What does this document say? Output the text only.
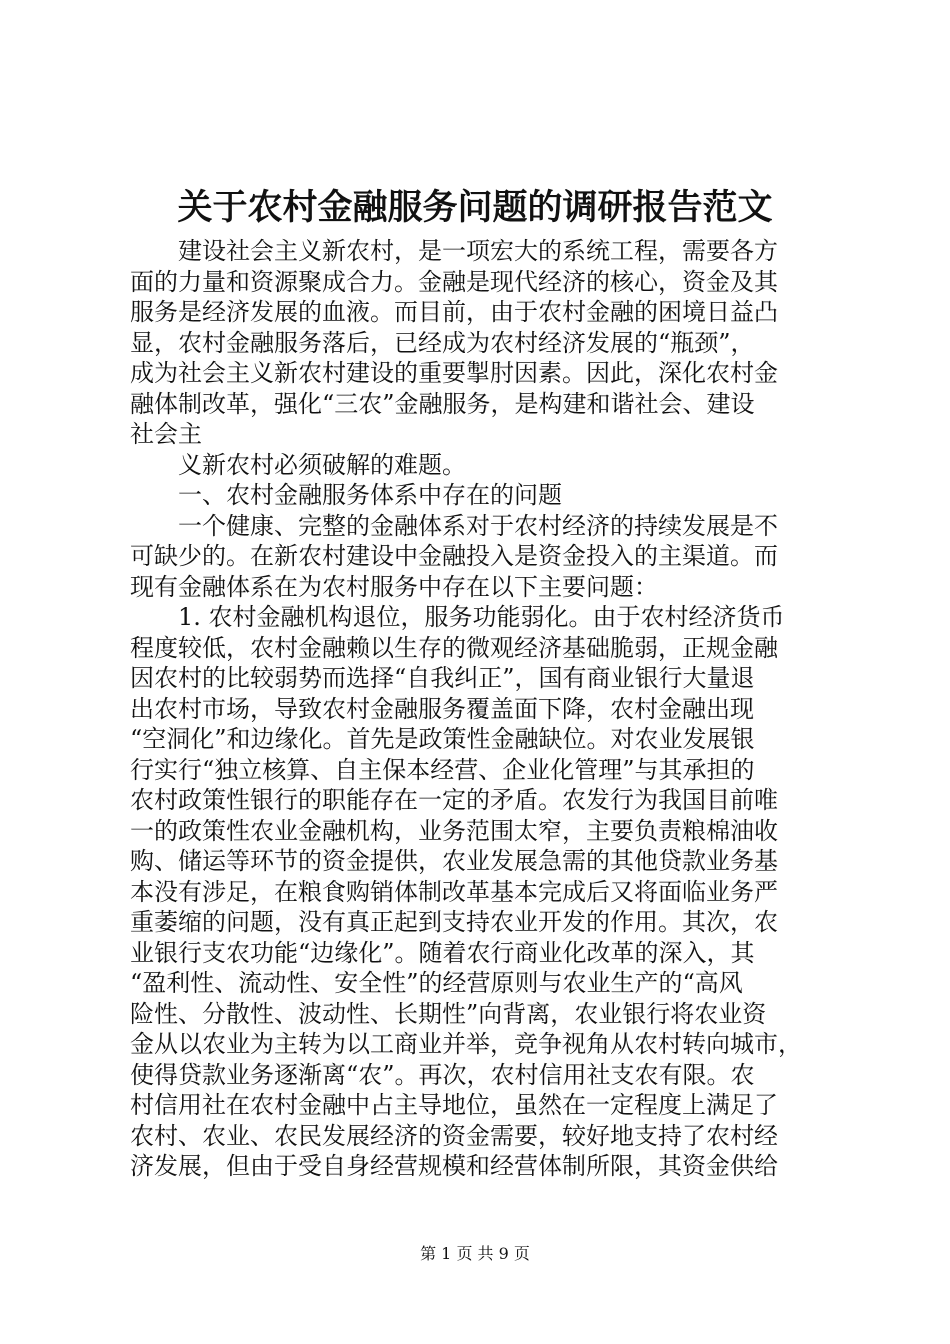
关于农村金融服务问题的调研报告范文
建设社会主义新农村，是一项宏大的系统工程，需要各方
面的力量和资源聚成合力。金融是现代经济的核心，资金及其
服务是经济发展的血液。而目前，由于农村金融的困境日益凸
显，农村金融服务落后，已经成为农村经济发展的“瓶颈”，
成为社会主义新农村建设的重要掣肘因素。因此，深化农村金
融体制改革，强化“三农”金融服务，是构建和谐社会、建设
社会主
义新农村必须破解的难题。
一、农村金融服务体系中存在的问题
一个健康、完整的金融体系对于农村经济的持续发展是不
可缺少的。在新农村建设中金融投入是资金投入的主渠道。而
现有金融体系在为农村服务中存在以下主要问题：
1. 农村金融机构退位，服务功能弱化。由于农村经济货币
程度较低，农村金融赖以生存的微观经济基础脆弱，正规金融
因农村的比较弱势而选择“自我纠正”，国有商业银行大量退
出农村市场，导致农村金融服务覆盖面下降，农村金融出现
“空洞化”和边缘化。首先是政策性金融缺位。对农业发展银
行实行“独立核算、自主保本经营、企业化管理”与其承担的
农村政策性银行的职能存在一定的矛盾。农发行为我国目前唯
一的政策性农业金融机构，业务范围太窄，主要负责粮棉油收
购、储运等环节的资金提供，农业发展急需的其他贷款业务基
本没有涉足，在粮食购销体制改革基本完成后又将面临业务严
重萎缩的问题，没有真正起到支持农业开发的作用。其次，农
业银行支农功能“边缘化”。随着农行商业化改革的深入，其
“盈利性、流动性、安全性”的经营原则与农业生产的“高风
险性、分散性、波动性、长期性”向背离，农业银行将农业资
金从以农业为主转为以工商业并举，竞争视角从农村转向城市，
使得贷款业务逐渐离“农”。再次，农村信用社支农有限。农
村信用社在农村金融中占主导地位，虽然在一定程度上满足了
农村、农业、农民发展经济的资金需要，较好地支持了农村经
济发展，但由于受自身经营规模和经营体制所限，其资金供给
第 1 页 共 9 页
